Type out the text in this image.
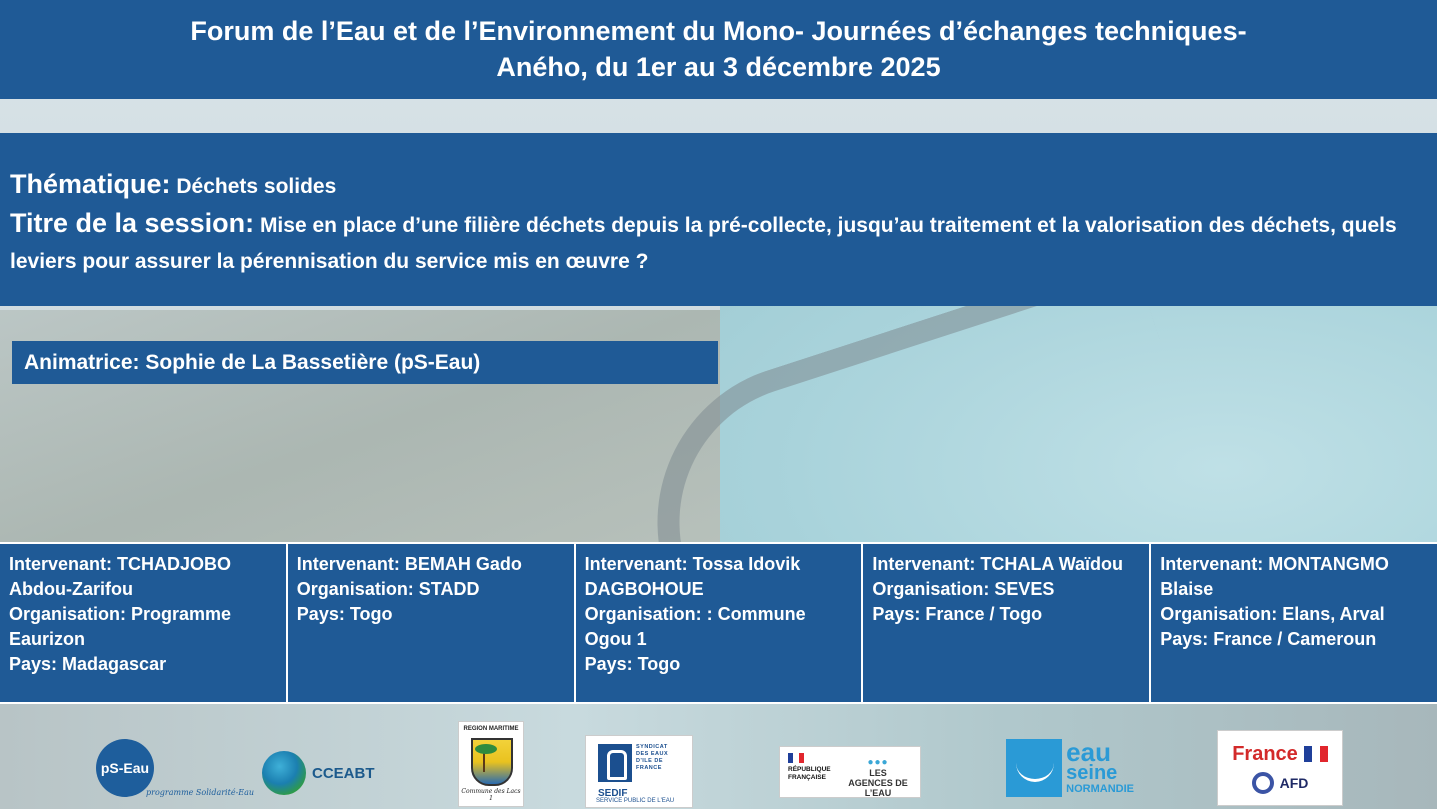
Forum de l’Eau et de l’Environnement du Mono- Journées d’échanges techniques-
Aného, du 1er au 3 décembre 2025
Thématique: Déchets solides
Titre de la session: Mise en place d’une filière déchets depuis la pré-collecte, jusqu’au traitement et la valorisation des déchets, quels leviers pour assurer la pérennisation du service mis en œuvre ?
Animatrice: Sophie de La Bassetière (pS-Eau)
Intervenant: TCHADJOBO Abdou-Zarifou
Organisation: Programme Eaurizon
Pays: Madagascar
Intervenant: BEMAH Gado
Organisation: STADD
Pays: Togo
Intervenant: Tossa Idovik DAGBOHOUE
Organisation: : Commune Ogou 1
Pays: Togo
Intervenant: TCHALA Waïdou
Organisation: SEVES
Pays: France / Togo
Intervenant: MONTANGMO Blaise
Organisation: Elans, Arval
Pays: France / Cameroun
pS-Eau
programme Solidarité-Eau
CCEABT
REGION MARITIME
Commune des Lacs 1
SYNDICAT DES EAUX D'ILE DE FRANCE
SEDIF
SERVICE PUBLIC DE L'EAU
RÉPUBLIQUE FRANÇAISE
●●●
LES AGENCES DE L’EAU
eau
seine
NORMANDIE
France
AFD
